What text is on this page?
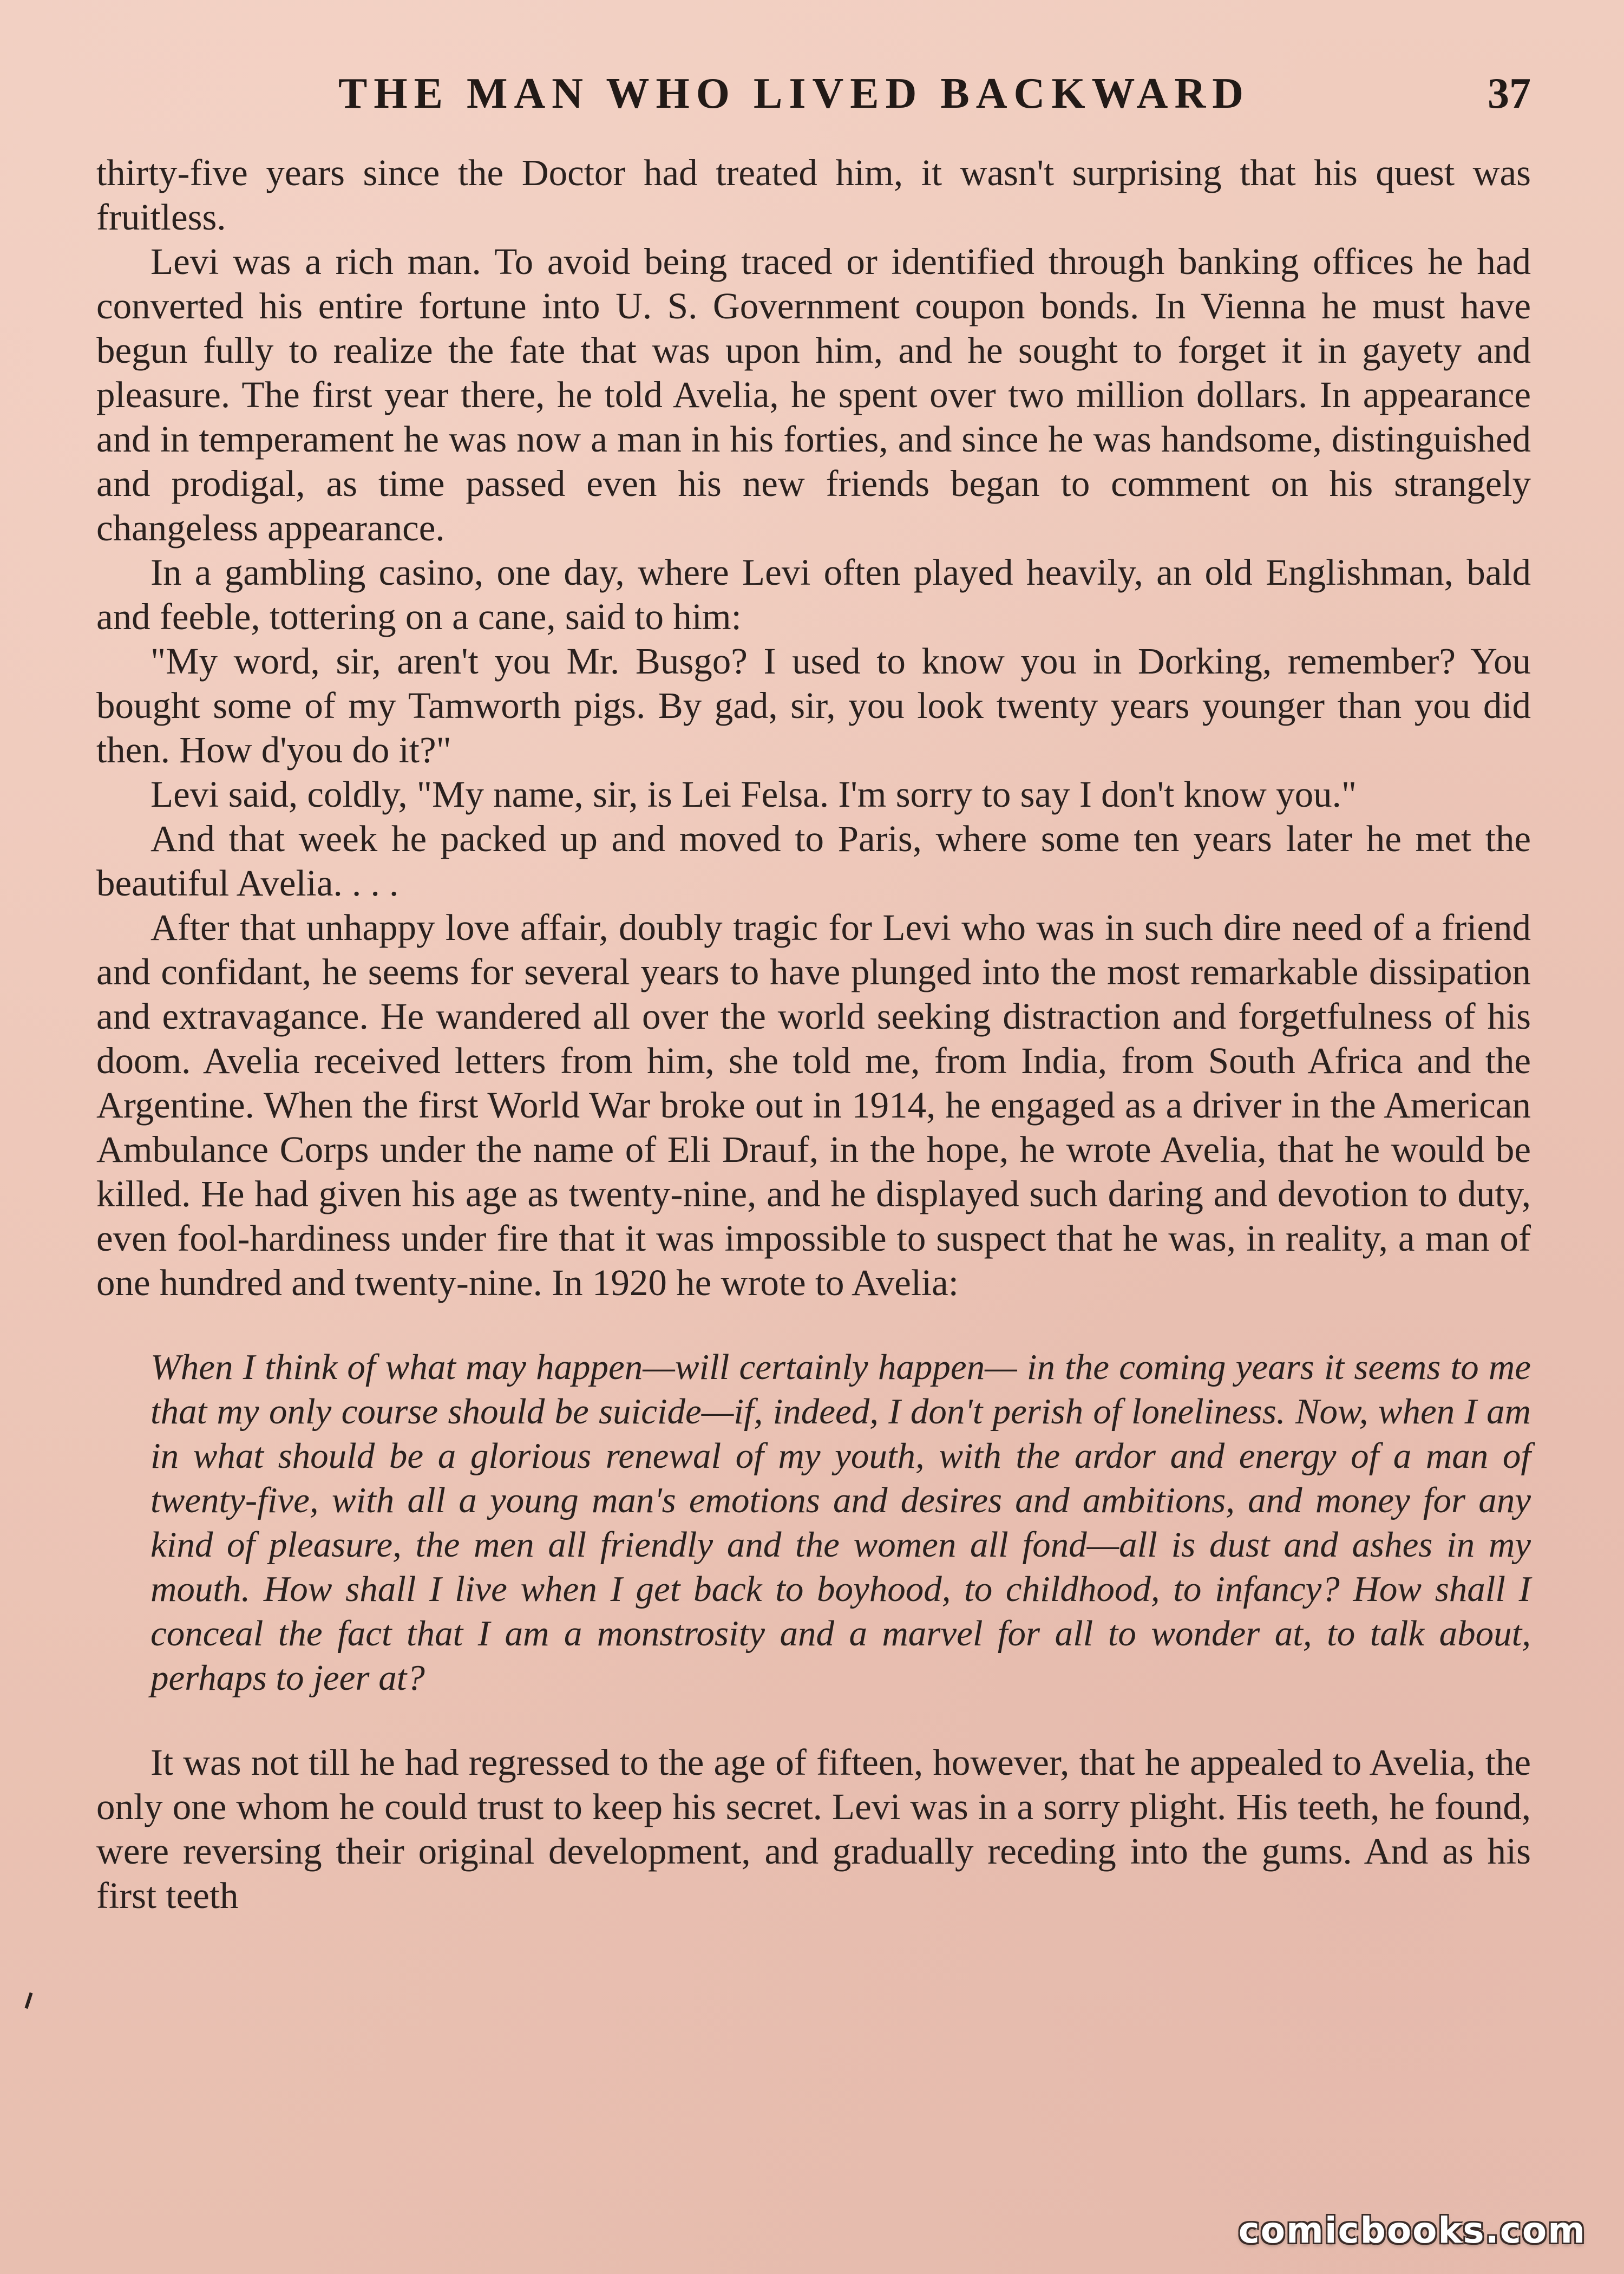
THE MAN WHO LIVED BACKWARD	37

thirty-five years since the Doctor had treated him, it wasn't surprising that his quest was fruitless.

Levi was a rich man. To avoid being traced or identified through banking offices he had converted his entire fortune into U. S. Government coupon bonds. In Vienna he must have begun fully to realize the fate that was upon him, and he sought to forget it in gayety and pleasure. The first year there, he told Avelia, he spent over two million dollars. In appearance and in temperament he was now a man in his forties, and since he was handsome, distinguished and prodigal, as time passed even his new friends began to comment on his strangely changeless appearance.

In a gambling casino, one day, where Levi often played heavily, an old Englishman, bald and feeble, tottering on a cane, said to him:

"My word, sir, aren't you Mr. Busgo? I used to know you in Dorking, remember? You bought some of my Tamworth pigs. By gad, sir, you look twenty years younger than you did then. How d'you do it?"

Levi said, coldly, "My name, sir, is Lei Felsa. I'm sorry to say I don't know you."

And that week he packed up and moved to Paris, where some ten years later he met the beautiful Avelia. . . .

After that unhappy love affair, doubly tragic for Levi who was in such dire need of a friend and confidant, he seems for several years to have plunged into the most remarkable dissipation and extravagance. He wandered all over the world seeking distraction and forgetfulness of his doom. Avelia received letters from him, she told me, from India, from South Africa and the Argentine. When the first World War broke out in 1914, he engaged as a driver in the American Ambulance Corps under the name of Eli Drauf, in the hope, he wrote Avelia, that he would be killed. He had given his age as twenty-nine, and he displayed such daring and devotion to duty, even fool-hardiness under fire that it was impossible to suspect that he was, in reality, a man of one hundred and twenty-nine. In 1920 he wrote to Avelia:

When I think of what may happen—will certainly happen— in the coming years it seems to me that my only course should be suicide—if, indeed, I don't perish of loneliness. Now, when I am in what should be a glorious renewal of my youth, with the ardor and energy of a man of twenty-five, with all a young man's emotions and desires and ambitions, and money for any kind of pleasure, the men all friendly and the women all fond—all is dust and ashes in my mouth. How shall I live when I get back to boyhood, to childhood, to infancy? How shall I conceal the fact that I am a monstrosity and a marvel for all to wonder at, to talk about, perhaps to jeer at?

It was not till he had regressed to the age of fifteen, however, that he appealed to Avelia, the only one whom he could trust to keep his secret. Levi was in a sorry plight. His teeth, he found, were reversing their original development, and gradually receding into the gums. And as his first teeth

comicbooks.com
